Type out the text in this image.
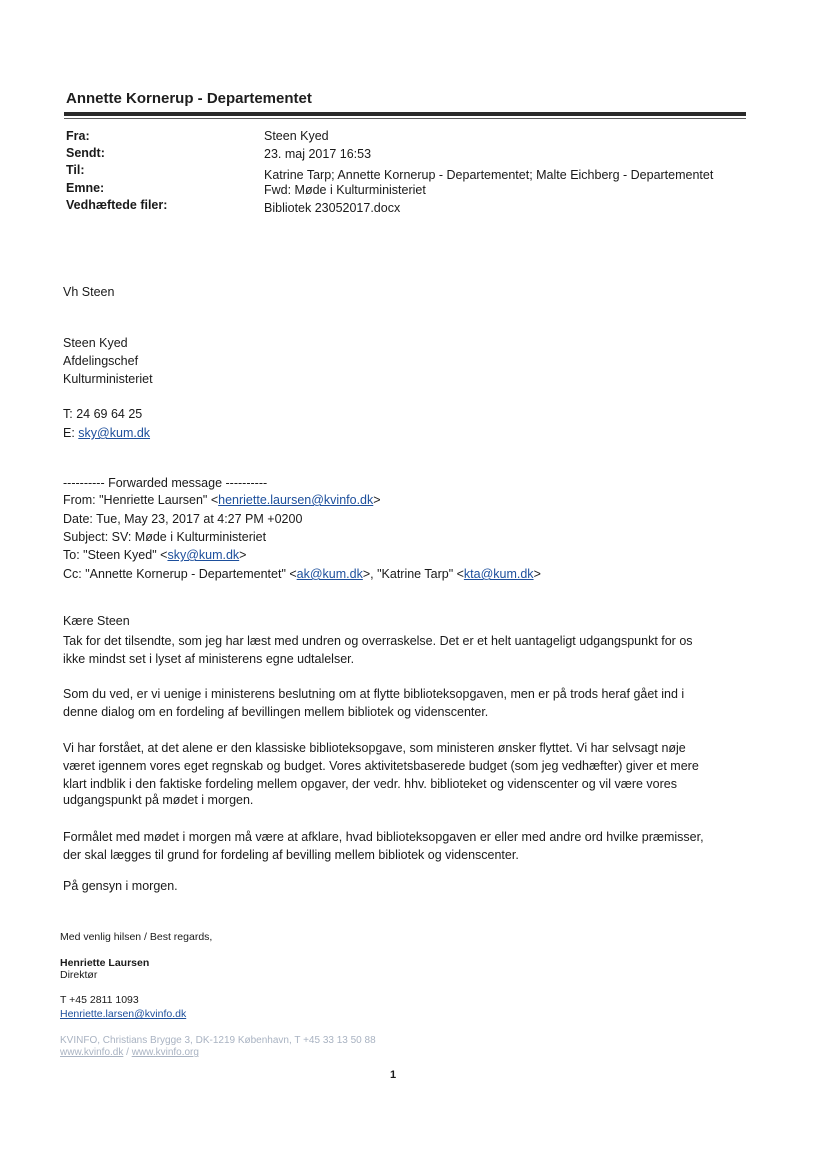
Annette Kornerup - Departementet
Fra:	Steen Kyed
Sendt:	23. maj 2017 16:53
Til:	Katrine Tarp; Annette Kornerup - Departementet; Malte Eichberg - Departementet
Emne:	Fwd: Møde i Kulturministeriet
Vedhæftede filer:	Bibliotek 23052017.docx
Vh Steen
Steen Kyed
Afdelingschef
Kulturministeriet
T: 24 69 64 25
E: sky@kum.dk
---------- Forwarded message ----------
From: "Henriette Laursen" <henriette.laursen@kvinfo.dk>
Date: Tue, May 23, 2017 at 4:27 PM +0200
Subject: SV: Møde i Kulturministeriet
To: "Steen Kyed" <sky@kum.dk>
Cc: "Annette Kornerup - Departementet" <ak@kum.dk>, "Katrine Tarp" <kta@kum.dk>
Kære Steen
Tak for det tilsendte, som jeg har læst med undren og overraskelse. Det er et helt uantageligt udgangspunkt for os
ikke mindst set i lyset af ministerens egne udtalelser.
Som du ved, er vi uenige i ministerens beslutning om at flytte biblioteksopgaven, men er på trods heraf gået ind i
denne dialog om en fordeling af bevillingen mellem bibliotek og videnscenter.
Vi har forstået, at det alene er den klassiske biblioteksopgave, som ministeren ønsker flyttet. Vi har selvsagt nøje
været igennem vores eget regnskab og budget. Vores aktivitetsbaserede budget (som jeg vedhæfter) giver et mere
klart indblik i den faktiske fordeling mellem opgaver, der vedr. hhv. biblioteket og videnscenter og vil være vores
udgangspunkt på mødet i morgen.
Formålet med mødet i morgen må være at afklare, hvad biblioteksopgaven er eller med andre ord hvilke præmisser,
der skal lægges til grund for fordeling af bevilling mellem bibliotek og videnscenter.
På gensyn i morgen.
Med venlig hilsen / Best regards,
Henriette Laursen
Direktør
T +45 2811 1093
Henriette.larsen@kvinfo.dk
KVINFO, Christians Brygge 3, DK-1219 København, T +45 33 13 50 88
www.kvinfo.dk / www.kvinfo.org
1
